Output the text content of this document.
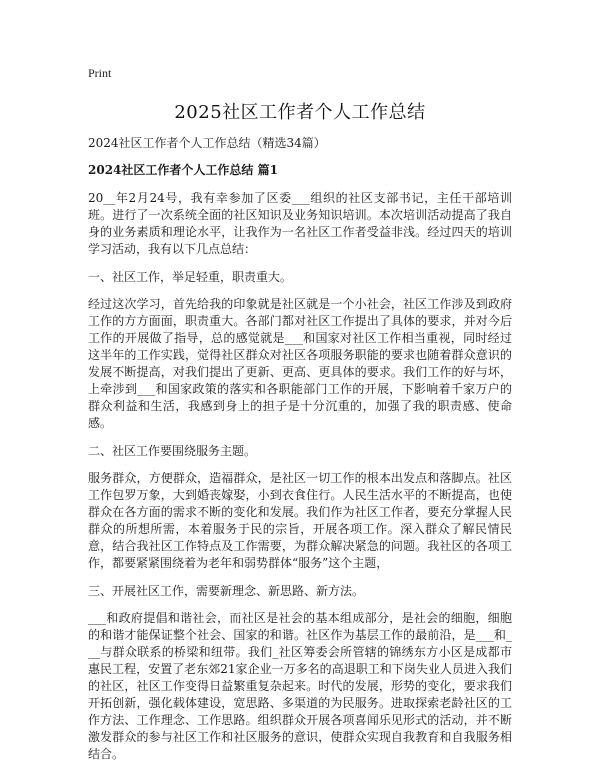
Print
2025社区工作者个人工作总结
2024社区工作者个人工作总结（精选34篇）
2024社区工作者个人工作总结 篇1

20__年2月24号，我有幸参加了区委___组织的社区支部书记，主任干部培训班。进行了一次系统全面的社区知识及业务知识培训。本次培训活动提高了我自身的业务素质和理论水平，让我作为一名社区工作者受益非浅。经过四天的培训学习活动，我有以下几点总结：

一、社区工作，举足轻重，职责重大。

经过这次学习，首先给我的印象就是社区就是一个小社会，社区工作涉及到政府工作的方方面面，职责重大。各部门都对社区工作提出了具体的要求，并对今后工作的开展做了指导，总的感觉就是___和国家对社区工作相当重视，同时经过这半年的工作实践，觉得社区群众对社区各项服务职能的要求也随着群众意识的发展不断提高，对我们提出了更新、更高、更具体的要求。我们工作的好与坏，上牵涉到___和国家政策的落实和各职能部门工作的开展，下影响着千家万户的群众利益和生活，我感到身上的担子是十分沉重的，加强了我的职责感、使命感。

二、社区工作要围绕服务主题。

服务群众，方便群众，造福群众，是社区一切工作的根本出发点和落脚点。社区工作包罗万象，大到婚丧嫁娶，小到衣食住行。人民生活水平的不断提高，也使群众在各方面的需求不断的变化和发展。我们作为社区工作者，要充分掌握人民群众的所想所需，本着服务于民的宗旨，开展各项工作。深入群众了解民情民意，结合我社区工作特点及工作需要，为群众解决紧急的问题。我社区的各项工作，都要紧紧围绕着为老年和弱势群体“服务”这个主题，

三、开展社区工作，需要新理念、新思路、新方法。

___和政府提倡和谐社会，而社区是社会的基本组成部分，是社会的细胞，细胞的和谐才能保证整个社会、国家的和谐。社区作为基层工作的最前沿，是___和___与群众联系的桥梁和纽带。我们_社区筹委会所管辖的锦绣东方小区是成都市惠民工程，安置了老东郊21家企业一万多名的高退职工和下岗失业人员进入我们的社区，社区工作变得日益繁重复杂起来。时代的发展，形势的变化，要求我们开拓创新，强化载体建设，宽思路、多渠道的为民服务。进取探索老龄社区的工作方法、工作理念、工作思路。组织群众开展各项喜闻乐见形式的活动，并不断激发群众的参与社区工作和社区服务的意识，使群众实现自我教育和自我服务相结合。
